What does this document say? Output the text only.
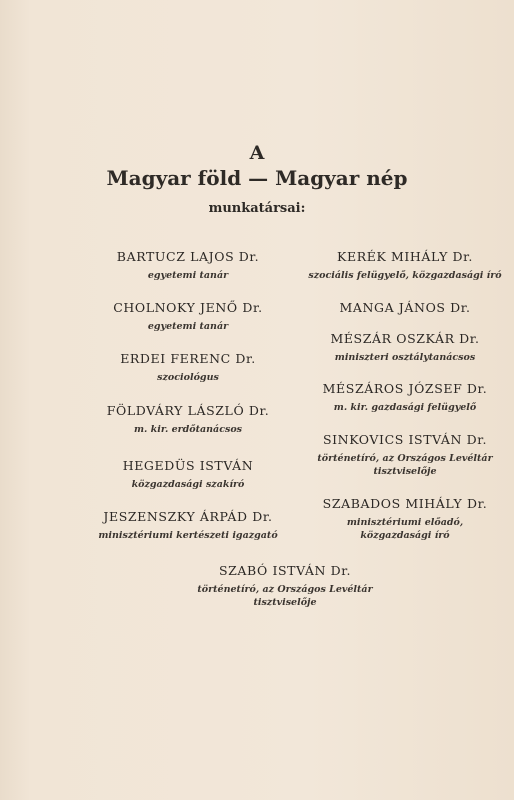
A
Magyar föld — Magyar nép
munkatársai:
BARTUCZ LAJOS Dr.
egyetemi tanár
CHOLNOKY JENŐ Dr.
egyetemi tanár
ERDEI FERENC Dr.
szociológus
FÖLDVÁRY LÁSZLÓ Dr.
m. kir. erdőtanácsos
HEGEDÜS ISTVÁN
közgazdasági szakíró
JESZENSZKY ÁRPÁD Dr.
minisztériumi kertészeti igazgató
KERÉK MIHÁLY Dr.
szociális felügyelő, közgazdasági író
MANGA JÁNOS Dr.
MÉSZÁR OSZKÁR Dr.
miniszteri osztálytanácsos
MÉSZÁROS JÓZSEF Dr.
m. kir. gazdasági felügyelő
SINKOVICS ISTVÁN Dr.
történetíró, az Országos Levéltár
tisztviselője
SZABADOS MIHÁLY Dr.
minisztériumi előadó,
közgazdasági író
SZABÓ ISTVÁN Dr.
történetíró, az Országos Levéltár
tisztviselője
